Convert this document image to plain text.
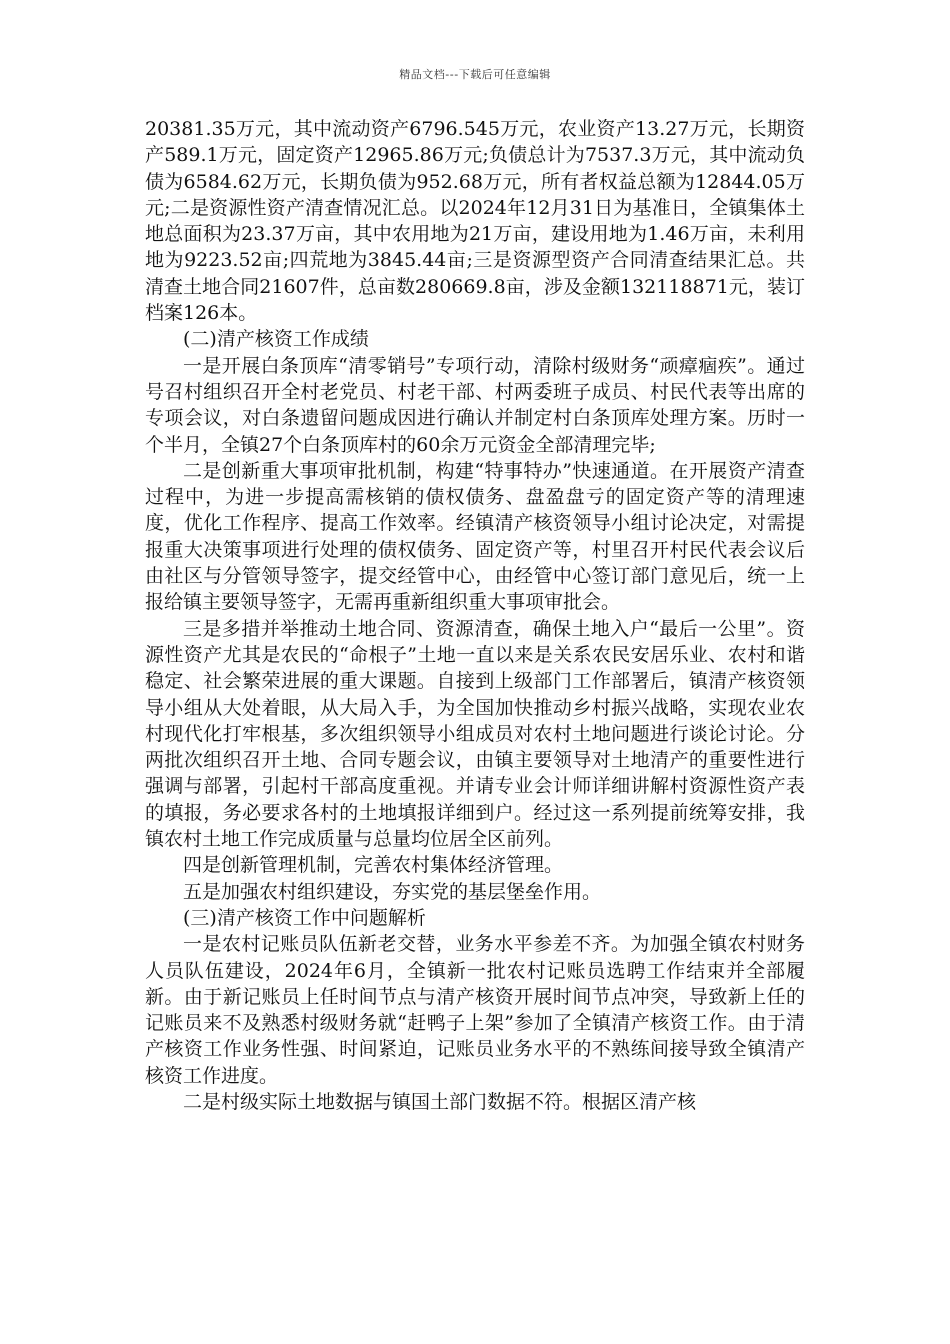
精品文档---下载后可任意编辑

20381.35万元，其中流动资产6796.545万元，农业资产13.27万元，长期资产589.1万元，固定资产12965.86万元;负债总计为7537.3万元，其中流动负债为6584.62万元，长期负债为952.68万元，所有者权益总额为12844.05万元;二是资源性资产清查情况汇总。以2024年12月31日为基准日，全镇集体土地总面积为23.37万亩，其中农用地为21万亩，建设用地为1.46万亩，未利用地为9223.52亩;四荒地为3845.44亩;三是资源型资产合同清查结果汇总。共清查土地合同21607件，总亩数280669.8亩，涉及金额132118871元，装订档案126本。

(二)清产核资工作成绩

一是开展白条顶库“清零销号”专项行动，清除村级财务“顽瘴痼疾”。通过号召村组织召开全村老党员、村老干部、村两委班子成员、村民代表等出席的专项会议，对白条遗留问题成因进行确认并制定村白条顶库处理方案。历时一个半月，全镇27个白条顶库村的60余万元资金全部清理完毕;

二是创新重大事项审批机制，构建“特事特办”快速通道。在开展资产清查过程中，为进一步提高需核销的债权债务、盘盈盘亏的固定资产等的清理速度，优化工作程序、提高工作效率。经镇清产核资领导小组讨论决定，对需提报重大决策事项进行处理的债权债务、固定资产等，村里召开村民代表会议后由社区与分管领导签字，提交经管中心，由经管中心签订部门意见后，统一上报给镇主要领导签字，无需再重新组织重大事项审批会。

三是多措并举推动土地合同、资源清查，确保土地入户“最后一公里”。资源性资产尤其是农民的“命根子”土地一直以来是关系农民安居乐业、农村和谐稳定、社会繁荣进展的重大课题。自接到上级部门工作部署后，镇清产核资领导小组从大处着眼，从大局入手，为全国加快推动乡村振兴战略，实现农业农村现代化打牢根基，多次组织领导小组成员对农村土地问题进行谈论讨论。分两批次组织召开土地、合同专题会议，由镇主要领导对土地清产的重要性进行强调与部署，引起村干部高度重视。并请专业会计师详细讲解村资源性资产表的填报，务必要求各村的土地填报详细到户。经过这一系列提前统筹安排，我镇农村土地工作完成质量与总量均位居全区前列。

四是创新管理机制，完善农村集体经济管理。

五是加强农村组织建设，夯实党的基层堡垒作用。

(三)清产核资工作中问题解析

一是农村记账员队伍新老交替，业务水平参差不齐。为加强全镇农村财务人员队伍建设，2024年6月，全镇新一批农村记账员选聘工作结束并全部履新。由于新记账员上任时间节点与清产核资开展时间节点冲突，导致新上任的记账员来不及熟悉村级财务就“赶鸭子上架”参加了全镇清产核资工作。由于清产核资工作业务性强、时间紧迫，记账员业务水平的不熟练间接导致全镇清产核资工作进度。

二是村级实际土地数据与镇国土部门数据不符。根据区清产核
